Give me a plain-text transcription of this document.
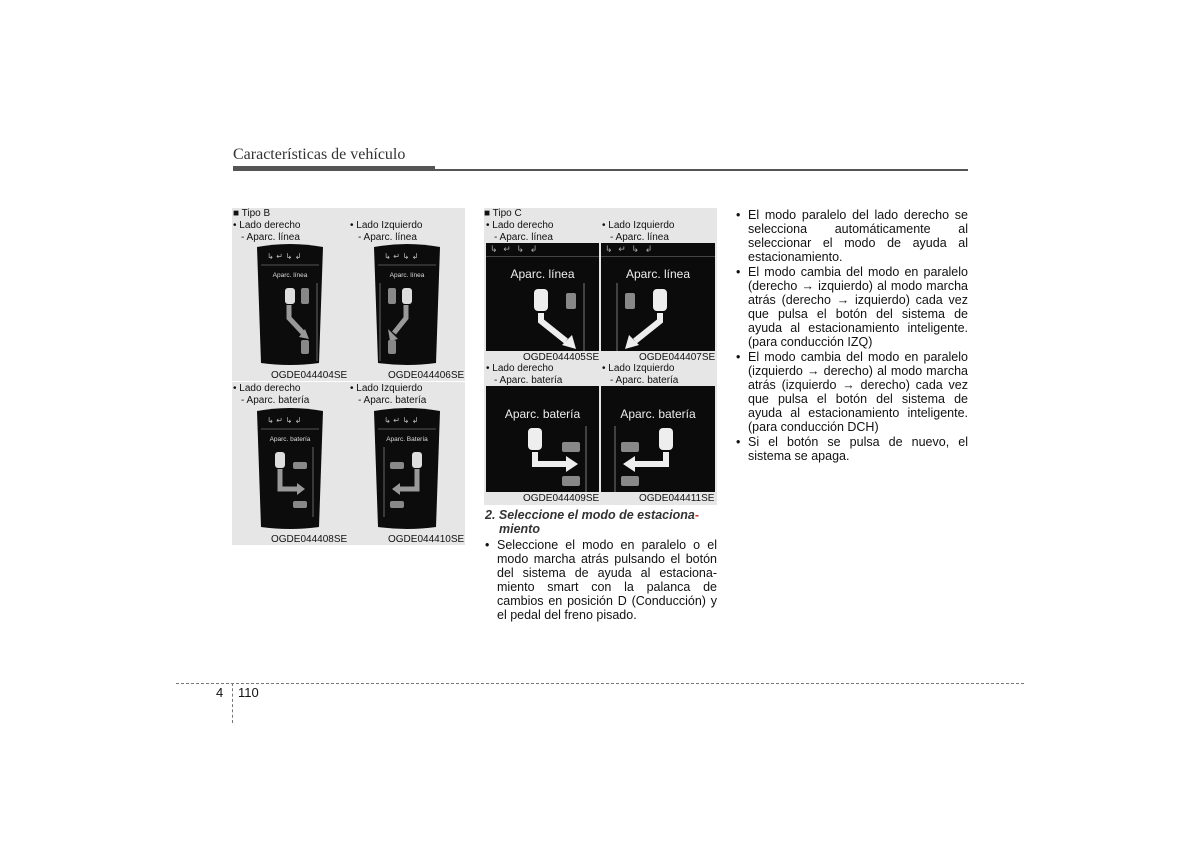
Características de vehículo
■ Tipo B
• Lado derecho
- Aparc. línea
↳ ↵ ↳ ↲
Aparc. línea
OGDE044404SE
• Lado Izquierdo
- Aparc. línea
↳ ↵ ↳ ↲
Aparc. línea
OGDE044406SE
• Lado derecho
- Aparc. batería
↳ ↵ ↳ ↲
Aparc. batería
OGDE044408SE
• Lado Izquierdo
- Aparc. batería
↳ ↵ ↳ ↲
Aparc. Batería
OGDE044410SE
■ Tipo C
• Lado derecho
- Aparc. línea
• Lado Izquierdo
- Aparc. línea
↳  ↵  ↳  ↲
Aparc. línea
↳  ↵  ↳  ↲
Aparc. línea
OGDE044405SE	OGDE044407SE
• Lado derecho
- Aparc. batería
• Lado Izquierdo
- Aparc. batería
Aparc. batería	Aparc. batería
OGDE044409SE	OGDE044411SE
2. Seleccione el modo de estaciona-
miento
• Seleccione el modo en paralelo o el modo marcha atrás pulsando el botón del sistema de ayuda al estaciona-miento smart con la palanca de cambios en posición D (Conducción) y el pedal del freno pisado.
• El modo paralelo del lado derecho se selecciona automáticamente al seleccionar el modo de ayuda al estacionamiento.
• El modo cambia del modo en paralelo (derecho → izquierdo) al modo marcha atrás (derecho → izquierdo) cada vez que pulsa el botón del sistema de ayuda al estacionamiento inteligente. (para conducción IZQ)
• El modo cambia del modo en paralelo (izquierdo → derecho) al modo marcha atrás (izquierdo → derecho) cada vez que pulsa el botón del sistema de ayuda al estacionamiento inteligente. (para conducción DCH)
• Si el botón se pulsa de nuevo, el sistema se apaga.
4 110
